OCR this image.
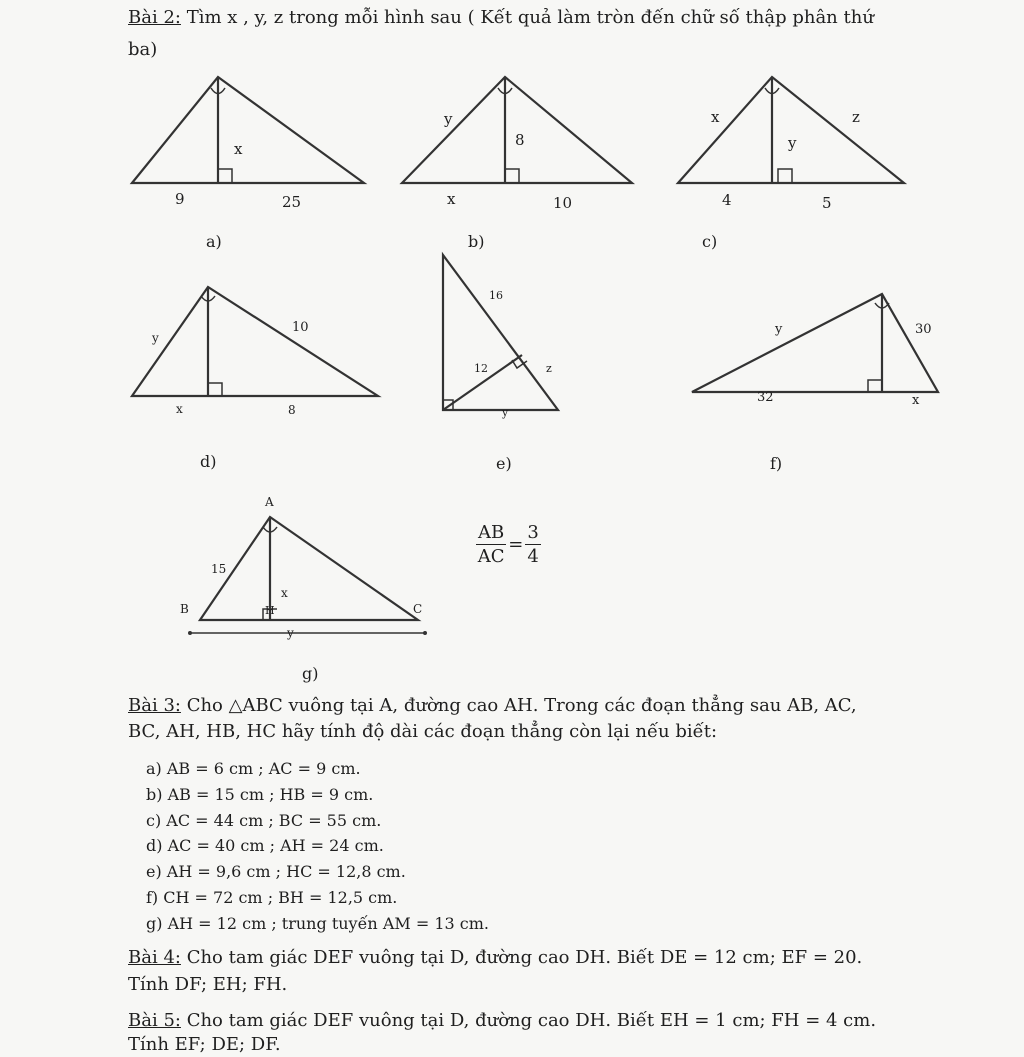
Bài 2: Tìm x , y, z trong mỗi hình sau ( Kết quả làm tròn đến chữ số thập phân thứ
ba)
x
9	25
a)
y
8
x	10
b)
x	z
y
4	5
c)
y
10
x	8
d)
16
12	z
y
e)
y	30
32	x
f)
A
15
x
B	H	C
y
g)
$\frac{AB}{AC} = \frac{3}{4}$
Bài 3: Cho △ABC vuông tại A, đường cao AH. Trong các đoạn thẳng sau AB, AC,
BC, AH, HB, HC hãy tính độ dài các đoạn thẳng còn lại nếu biết:
a) AB = 6 cm ; AC = 9 cm.
b) AB = 15 cm ; HB = 9 cm.
c) AC = 44 cm ; BC = 55 cm.
d) AC = 40 cm ; AH = 24 cm.
e) AH = 9,6 cm ; HC = 12,8 cm.
f) CH = 72 cm ; BH = 12,5 cm.
g) AH = 12 cm ; trung tuyến AM = 13 cm.
Bài 4: Cho tam giác DEF vuông tại D, đường cao DH. Biết DE = 12 cm; EF = 20.
Tính DF; EH; FH.
Bài 5: Cho tam giác DEF vuông tại D, đường cao DH. Biết EH = 1 cm; FH = 4 cm.
Tính EF; DE; DF.
